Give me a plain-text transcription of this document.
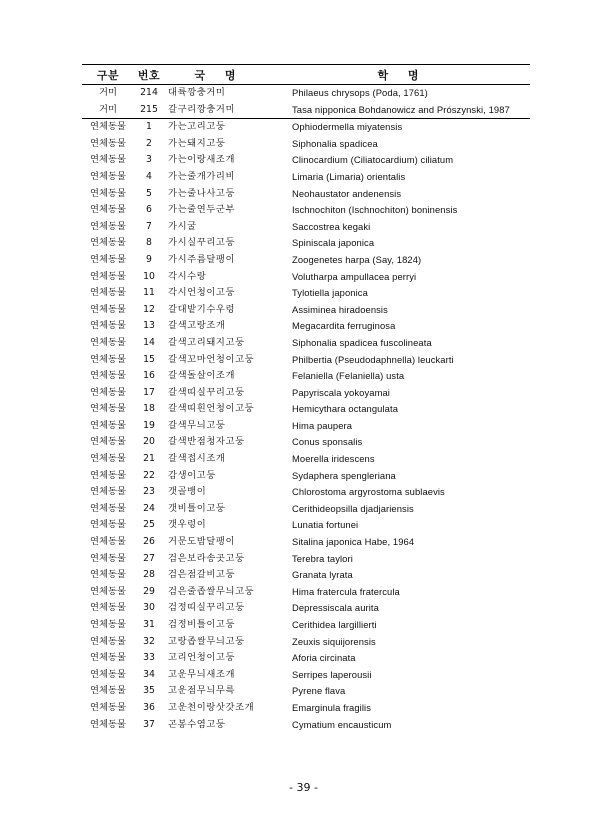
구분	번호	국 명	학 명
거미	214	대륙깡충거미	Philaeus chrysops (Poda, 1761)
거미	215	갈구리깡충거미	Tasa nipponica Bohdanowicz and Prószynski, 1987
연체동물	1	가는고리고둥	Ophiodermella miyatensis
연체동물	2	가는돼지고둥	Siphonalia spadicea
연체동물	3	가는이랑새조개	Clinocardium (Ciliatocardium) ciliatum
연체동물	4	가는줄개가리비	Limaria (Limaria) orientalis
연체동물	5	가는줄나사고둥	Neohaustator andenensis
연체동물	6	가는줄연두군부	Ischnochiton (Ischnochiton) boninensis
연체동물	7	가시굴	Saccostrea kegaki
연체동물	8	가시실꾸리고둥	Spiniscala japonica
연체동물	9	가시주름달팽이	Zoogenetes harpa (Say, 1824)
연체동물	10	각시수랑	Volutharpa ampullacea perryi
연체동물	11	각시언청이고둥	Tylotiella japonica
연체동물	12	갈대밭기수우렁	Assiminea hiradoensis
연체동물	13	갈색고랑조개	Megacardita ferruginosa
연체동물	14	갈색고리돼지고둥	Siphonalia spadicea fuscolineata
연체동물	15	갈색꼬마언청이고둥	Philbertia (Pseudodaphnella) leuckarti
연체동물	16	갈색돌살이조개	Felaniella (Felaniella) usta
연체동물	17	갈색띠실꾸리고둥	Papyriscala yokoyamai
연체동물	18	갈색띠흰언청이고둥	Hemicythara octangulata
연체동물	19	갈색무늬고둥	Hima paupera
연체동물	20	갈색반점청자고둥	Conus sponsalis
연체동물	21	갈색접시조개	Moerella iridescens
연체동물	22	감생이고둥	Sydaphera spengleriana
연체동물	23	갯골뱅이	Chlorostoma argyrostoma sublaevis
연체동물	24	갯비틀이고둥	Cerithideopsilla djadjariensis
연체동물	25	갯우렁이	Lunatia fortunei
연체동물	26	거문도밤달팽이	Sitalina japonica Habe, 1964
연체동물	27	검은보라송곳고둥	Terebra taylori
연체동물	28	검은점갈비고둥	Granata lyrata
연체동물	29	검은줄좁쌀무늬고둥	Hima fratercula fratercula
연체동물	30	검정띠실꾸리고둥	Depressiscala aurita
연체동물	31	검정비틀이고둥	Cerithidea largillierti
연체동물	32	고랑좁쌀무늬고둥	Zeuxis siquijorensis
연체동물	33	고리언청이고둥	Aforia circinata
연체동물	34	고운무늬새조개	Serripes laperousii
연체동물	35	고운점무늬무륵	Pyrene flava
연체동물	36	고운천이랑삿갓조개	Emarginula fragilis
연체동물	37	곤봉수염고둥	Cymatium encausticum
- 39 -
